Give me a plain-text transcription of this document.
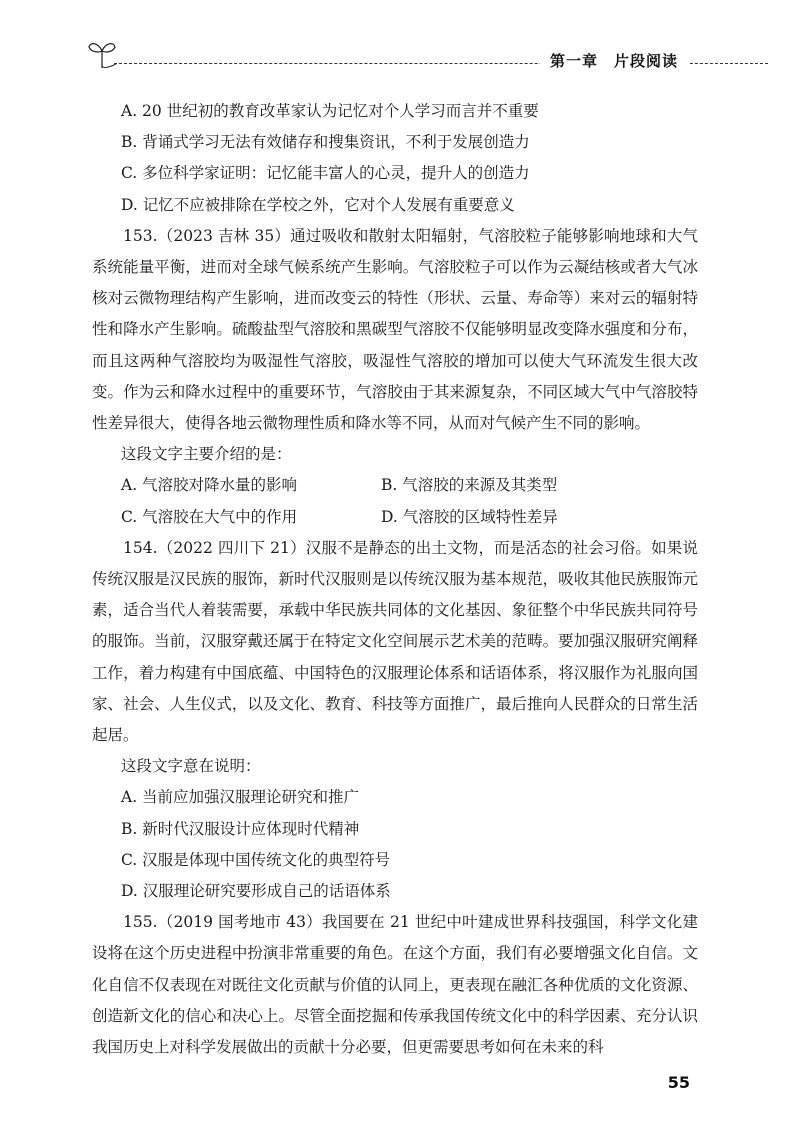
第一章　片段阅读

A. 20 世纪初的教育改革家认为记忆对个人学习而言并不重要

B. 背诵式学习无法有效储存和搜集资讯，不利于发展创造力

C. 多位科学家证明：记忆能丰富人的心灵，提升人的创造力

D. 记忆不应被排除在学校之外，它对个人发展有重要意义

153.（2023 吉林 35）通过吸收和散射太阳辐射，气溶胶粒子能够影响地球和大气系统能量平衡，进而对全球气候系统产生影响。气溶胶粒子可以作为云凝结核或者大气冰核对云微物理结构产生影响，进而改变云的特性（形状、云量、寿命等）来对云的辐射特性和降水产生影响。硫酸盐型气溶胶和黑碳型气溶胶不仅能够明显改变降水强度和分布，而且这两种气溶胶均为吸湿性气溶胶，吸湿性气溶胶的增加可以使大气环流发生很大改变。作为云和降水过程中的重要环节，气溶胶由于其来源复杂，不同区域大气中气溶胶特性差异很大，使得各地云微物理性质和降水等不同，从而对气候产生不同的影响。

这段文字主要介绍的是：

A. 气溶胶对降水量的影响	B. 气溶胶的来源及其类型
C. 气溶胶在大气中的作用	D. 气溶胶的区域特性差异

154.（2022 四川下 21）汉服不是静态的出土文物，而是活态的社会习俗。如果说传统汉服是汉民族的服饰，新时代汉服则是以传统汉服为基本规范，吸收其他民族服饰元素，适合当代人着装需要，承载中华民族共同体的文化基因、象征整个中华民族共同符号的服饰。当前，汉服穿戴还属于在特定文化空间展示艺术美的范畴。要加强汉服研究阐释工作，着力构建有中国底蕴、中国特色的汉服理论体系和话语体系，将汉服作为礼服向国家、社会、人生仪式，以及文化、教育、科技等方面推广，最后推向人民群众的日常生活起居。

这段文字意在说明：

A. 当前应加强汉服理论研究和推广

B. 新时代汉服设计应体现时代精神

C. 汉服是体现中国传统文化的典型符号

D. 汉服理论研究要形成自己的话语体系

155.（2019 国考地市 43）我国要在 21 世纪中叶建成世界科技强国，科学文化建设将在这个历史进程中扮演非常重要的角色。在这个方面，我们有必要增强文化自信。文化自信不仅表现在对既往文化贡献与价值的认同上，更表现在融汇各种优质的文化资源、创造新文化的信心和决心上。尽管全面挖掘和传承我国传统文化中的科学因素、充分认识我国历史上对科学发展做出的贡献十分必要，但更需要思考如何在未来的科

55
